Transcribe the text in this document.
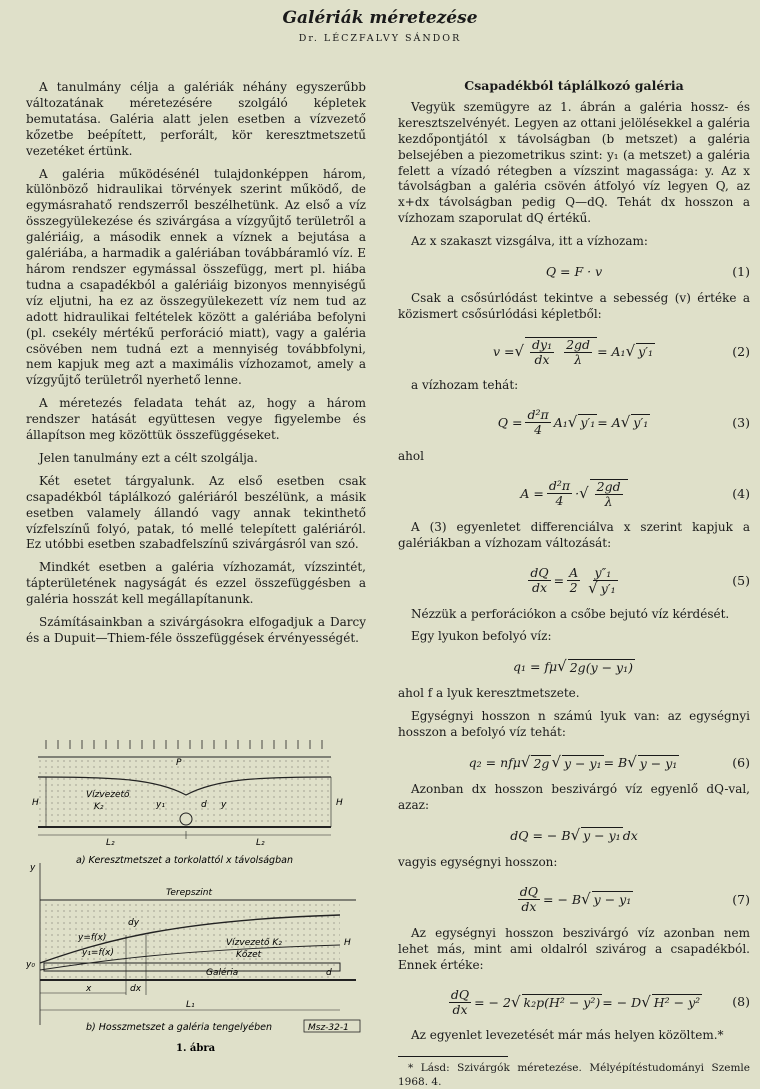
Galériák méretezése
Dr. LÉCZFALVY SÁNDOR

A tanulmány célja a galériák néhány egyszerűbb változatának méretezésére szolgáló képletek bemutatása. Galéria alatt jelen esetben a vízvezető kőzetbe beépített, perforált, kör keresztmetszetű vezetéket értünk.

A galéria működésénél tulajdonképpen három, különböző hidraulikai törvények szerint működő, de egymásrahatő rendszerről beszélhetünk. Az első a víz összegyülekezése és szivárgása a vízgyűjtő területről a galériáig, a második ennek a víznek a bejutása a galériába, a harmadik a galériában továbbáramló víz. E három rendszer egymással összefügg, mert pl. hiába tudna a csapadékból a galériáig bizonyos mennyiségű víz eljutni, ha ez az összegyülekezett víz nem tud az adott hidraulikai feltételek között a galériába befolyni (pl. csekély mértékű perforáció miatt), vagy a galéria csövében nem tudná ezt a mennyiség továbbfolyni, nem kapjuk meg azt a maximális vízhozamot, amely a vízgyűjtő területről nyerhető lenne.

A méretezés feladata tehát az, hogy a három rendszer hatását együttesen vegye figyelembe és állapítson meg közöttük összefüggéseket.

Jelen tanulmány ezt a célt szolgálja.

Két esetet tárgyalunk. Az első esetben csak csapadékból táplálkozó galériáról beszélünk, a másik esetben valamely állandó vagy annak tekinthető vízfelszínű folyó, patak, tó mellé telepített galériáról. Ez utóbbi esetben szabadfelszínű szivárgásról van szó.

Mindkét esetben a galéria vízhozamát, vízszintét, tápterületének nagyságát és ezzel összefüggésben a galéria hosszát kell megállapítanunk.

Számításainkban a szivárgásokra elfogadjuk a Darcy és a Dupuit—Thiem-féle összefüggések érvényességét.

P
Vízvezető
K₂	y₁	d y
H	H
L₂	L₂
a) Keresztmetszet a torkolattól x távolságban
Terepszint
dy
y=f(x)
y₁=f(x)
Vízvezető K₂
Kőzet
Galéria	d
H
x	dx
L₁
y
y₀
b) Hosszmetszet a galéria tengelyében	Msz-32-1
1. ábra
Csapadékból táplálkozó galéria

Vegyük szemügyre az 1. ábrán a galéria hossz- és keresztszelvényét. Legyen az ottani jelölésekkel a galéria kezdőpontjától x távolságban (b metszet) a galéria belsejében a piezometrikus szint: y₁ (a metszet) a galéria felett a vízadó rétegben a vízszint magassága: y. Az x távolságban a galéria csövén átfolyó víz legyen Q, az x+dx távolságban pedig Q—dQ. Tehát dx hosszon a vízhozam szaporulat dQ értékű.

Az x szakaszt vizsgálva, itt a vízhozam:

Q = F · v	(1)

Csak a csősúrlódást tekintve a sebesség (v) értéke a közismert csősúrlódási képletből:

v = √ $\frac{\text{dy₁}}{dx}$
$\frac{2gd}{\lambda} = A_1$ √ y′₁	(2)

a vízhozam tehát:

$Q = \frac{\text{d²π}}{4} A_1$ √ y′₁ = A √ y′₁	(3)

ahol

$A = \frac{\text{d²π}}{4}$ · √ $\frac{2gd}{\lambda}$	(4)

A (3) egyenletet differenciálva x szerint kapjuk a galériákban a vízhozam változását:

$\frac{dQ}{dx} = \frac{A}{2} \frac{\text{y″₁}}{\text{√ y′₁}}$	(5)

Nézzük a perforációkon a csőbe bejutó víz kérdését.

Egy lyukon befolyó víz:

q₁ = fμ √ 2g(y − y₁)

ahol f a lyuk keresztmetszete.

Egységnyi hosszon n számú lyuk van: az egységnyi hosszon a befolyó víz tehát:

q₂ = nfμ √ 2g √ y − y₁ = B √ y − y₁	(6)

Azonban dx hosszon beszivárgó víz egyenlő dQ-val, azaz:

dQ = − B √ y − y₁ dx

vagyis egységnyi hosszon:

$\frac{dQ}{dx}$ = − B √ y − y₁	(7)

Az egységnyi hosszon beszivárgó víz azonban nem lehet más, mint ami oldalról szivárog a csapadékból. Ennek értéke:

$\frac{dQ}{dx}$ = − 2 √ k₂p(H² − y²) = − D √ H² − y²	(8)

Az egyenlet levezetését már más helyen közöltem.*

* Lásd: Szivárgók méretezése. Mélyépítéstudományi Szemle 1968. 4.
